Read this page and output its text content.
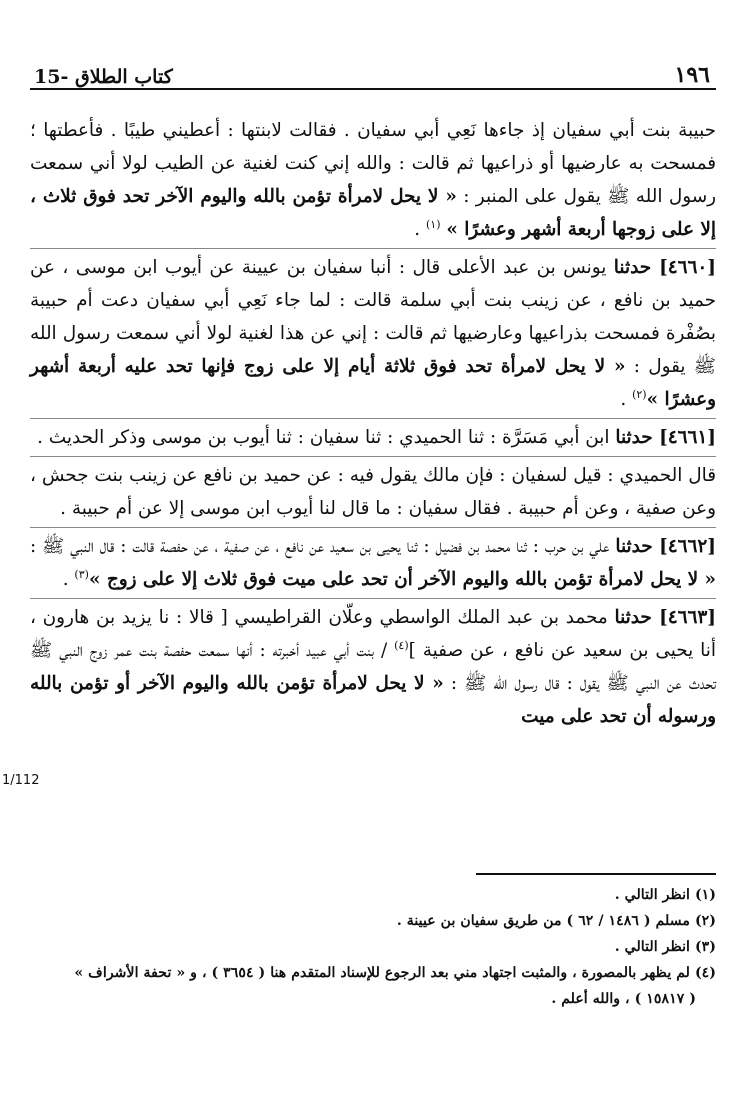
15- كتاب الطلاق	١٩٦

حبيبة بنت أبي سفيان إذ جاءها نَعِي أبي سفيان . فقالت لابنتها : أعطيني طيبًا . فأعطتها ؛ فمسحت به عارضيها أو ذراعيها ثم قالت : والله إني كنت لغنية عن الطيب لولا أني سمعت رسول الله ﷺ يقول على المنبر : « لا يحل لامرأة تؤمن بالله واليوم الآخر تحد فوق ثلاث ، إلا على زوجها أربعة أشهر وعشرًا » $^{(١)}$ .

[٤٦٦٠] حدثنا يونس بن عبد الأعلى قال : أنبا سفيان بن عيينة عن أيوب ابن موسى ، عن حميد بن نافع ، عن زينب بنت أبي سلمة قالت : لما جاء نَعِي أبي سفيان دعت أم حبيبة بصُفْرة فمسحت بذراعيها وعارضيها ثم قالت : إني عن هذا لغنية لولا أني سمعت رسول الله ﷺ يقول : « لا يحل لامرأة تحد فوق ثلاثة أيام إلا على زوج فإنها تحد عليه أربعة أشهر وعشرًا »$^{(٢)}$ .

[٤٦٦١] حدثنا ابن أبي مَسَرَّة : ثنا الحميدي : ثنا سفيان : ثنا أيوب بن موسى وذكر الحديث .

قال الحميدي : قيل لسفيان : فإن مالك يقول فيه : عن حميد بن نافع عن زينب بنت جحش ، وعن صفية ، وعن أم حبيبة . فقال سفيان : ما قال لنا أيوب ابن موسى إلا عن أم حبيبة .

[٤٦٦٢] حدثنا علي بن حرب : ثنا محمد بن فضيل : ثنا يحيى بن سعيد عن نافع ، عن صفية ، عن حفصة قالت : قال النبي ﷺ : « لا يحل لامرأة تؤمن بالله واليوم الآخر أن تحد على ميت فوق ثلاث إلا على زوج »$^{(٣)}$ .

[٤٦٦٣] حدثنا محمد بن عبد الملك الواسطي وعلّان القراطيسي [ قالا : نا يزيد بن هارون ، أنا يحيى بن سعيد عن نافع ، عن صفية ]$^{(٤)}$ / بنت أبي عبيد أخبرته : أنها سمعت حفصة بنت عمر زوج النبي ﷺ تحدث عن النبي ﷺ يقول : قال رسول الله ﷺ : « لا يحل لامرأة تؤمن بالله واليوم الآخر أو تؤمن بالله ورسوله أن تحد على ميت

1/112

(١) انظر التالي .

(٢) مسلم ( ١٤٨٦ / ٦٢ ) من طريق سفيان بن عيينة .

(٣) انظر التالي .

(٤) لم يظهر بالمصورة ، والمثبت اجتهاد مني بعد الرجوع للإسناد المتقدم هنا ( ٣٦٥٤ ) ، و « تحفة الأشراف »

( ١٥٨١٧ ) ، والله أعلم .
